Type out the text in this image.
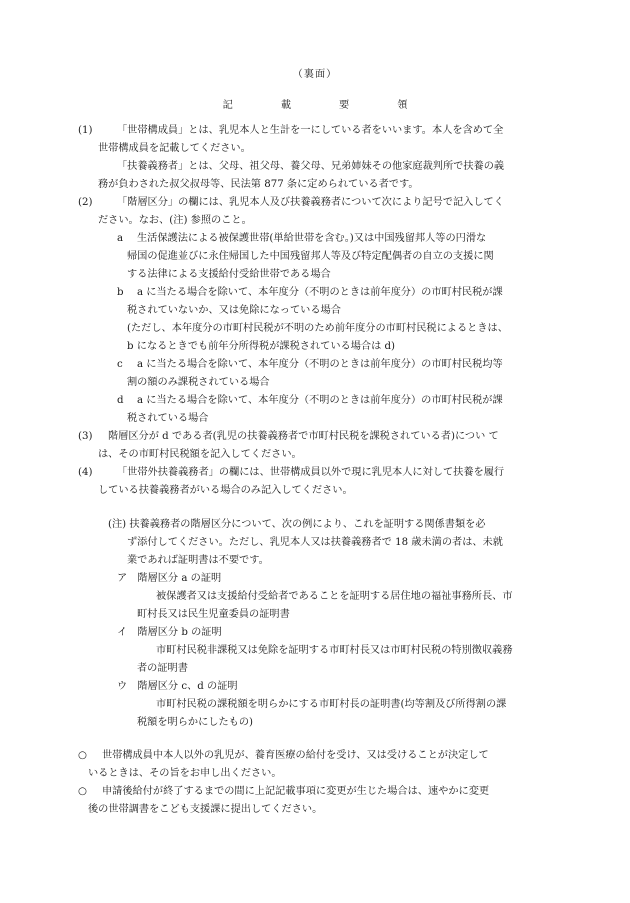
（裏面）
記	載	要	領
(1) 「世帯構成員」とは、乳児本人と生計を一にしている者をいいます。本人を含めて全
世帯構成員を記載してください。
「扶養義務者」とは、父母、祖父母、養父母、兄弟姉妹その他家庭裁判所で扶養の義
務が負わされた叔父叔母等、民法第 877 条に定められている者です。
(2) 「階層区分」の欄には、乳児本人及び扶養義務者について次により記号で記入してく
ださい。なお、(注) 参照のこと。
a 生活保護法による被保護世帯(単給世帯を含む。)又は中国残留邦人等の円滑な
帰国の促進並びに永住帰国した中国残留邦人等及び特定配偶者の自立の支援に関
する法律による支援給付受給世帯である場合
b a に当たる場合を除いて、本年度分（不明のときは前年度分）の市町村民税が課
税されていないか、又は免除になっている場合
(ただし、本年度分の市町村民税が不明のため前年度分の市町村民税によるときは、
b になるときでも前年分所得税が課税されている場合は d)
c a に当たる場合を除いて、本年度分（不明のときは前年度分）の市町村民税均等
割の額のみ課税されている場合
d a に当たる場合を除いて、本年度分（不明のときは前年度分）の市町村民税が課
税されている場合
(3) 階層区分が d である者(乳児の扶養義務者で市町村民税を課税されている者)につい て
は、その市町村民税額を記入してください。
(4) 「世帯外扶養義務者」の欄には、世帯構成員以外で現に乳児本人に対して扶養を履行
している扶養義務者がいる場合のみ記入してください。
(注) 扶養義務者の階層区分について、次の例により、これを証明する関係書類を必
ず添付してください。ただし、乳児本人又は扶養義務者で 18 歳未満の者は、未就
業であれば証明書は不要です。
ア　階層区分 a の証明
被保護者又は支援給付受給者であることを証明する居住地の福祉事務所長、市
町村長又は民生児童委員の証明書
イ　階層区分 b の証明
市町村民税非課税又は免除を証明する市町村長又は市町村民税の特別徴収義務
者の証明書
ウ　階層区分 c、d の証明
市町村民税の課税額を明らかにする市町村長の証明書(均等割及び所得割の課
税額を明らかにしたもの)
○ 世帯構成員中本人以外の乳児が、養育医療の給付を受け、又は受けることが決定して
いるときは、その旨をお申し出ください。
○ 申請後給付が終了するまでの間に上記記載事項に変更が生じた場合は、速やかに変更
後の世帯調書をこども支援課に提出してください。
